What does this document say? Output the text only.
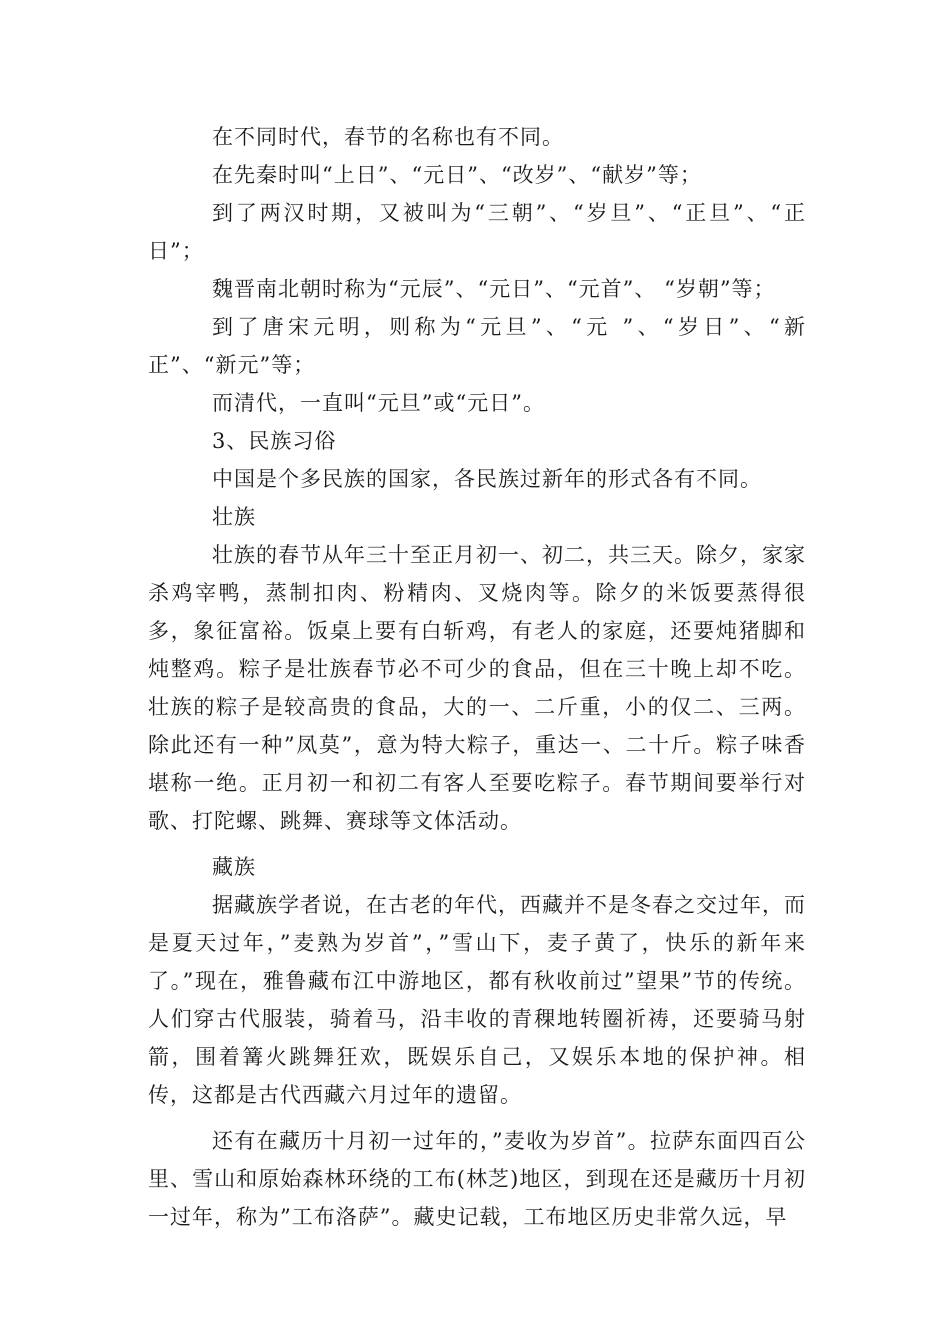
在不同时代，春节的名称也有不同。

在先秦时叫“上日”、“元日”、“改岁”、“献岁”等；

到了两汉时期，又被叫为“三朝”、“岁旦”、“正旦”、“正日”；

魏晋南北朝时称为“元辰”、“元日”、“元首”、 “岁朝”等；

到了唐宋元明，则称为“元旦”、“元 ”、“岁日”、“新正”、“新元”等；

而清代，一直叫“元旦”或“元日”。

3、民族习俗

中国是个多民族的国家，各民族过新年的形式各有不同。

壮族

壮族的春节从年三十至正月初一、初二，共三天。除夕，家家杀鸡宰鸭，蒸制扣肉、粉精肉、叉烧肉等。除夕的米饭要蒸得很多，象征富裕。饭桌上要有白斩鸡，有老人的家庭，还要炖猪脚和炖整鸡。粽子是壮族春节必不可少的食品，但在三十晚上却不吃。壮族的粽子是较高贵的食品，大的一、二斤重，小的仅二、三两。除此还有一种”凤莫”，意为特大粽子，重达一、二十斤。粽子味香堪称一绝。正月初一和初二有客人至要吃粽子。春节期间要举行对歌、打陀螺、跳舞、赛球等文体活动。

藏族

据藏族学者说，在古老的年代，西藏并不是冬春之交过年，而是夏天过年，”麦熟为岁首”，”雪山下，麦子黄了，快乐的新年来了。”现在，雅鲁藏布江中游地区，都有秋收前过”望果”节的传统。人们穿古代服装，骑着马，沿丰收的青稞地转圈祈祷，还要骑马射箭，围着篝火跳舞狂欢，既娱乐自己，又娱乐本地的保护神。相传，这都是古代西藏六月过年的遗留。

还有在藏历十月初一过年的，”麦收为岁首”。拉萨东面四百公里、雪山和原始森林环绕的工布(林芝)地区，到现在还是藏历十月初一过年，称为”工布洛萨”。藏史记载，工布地区历史非常久远，早
